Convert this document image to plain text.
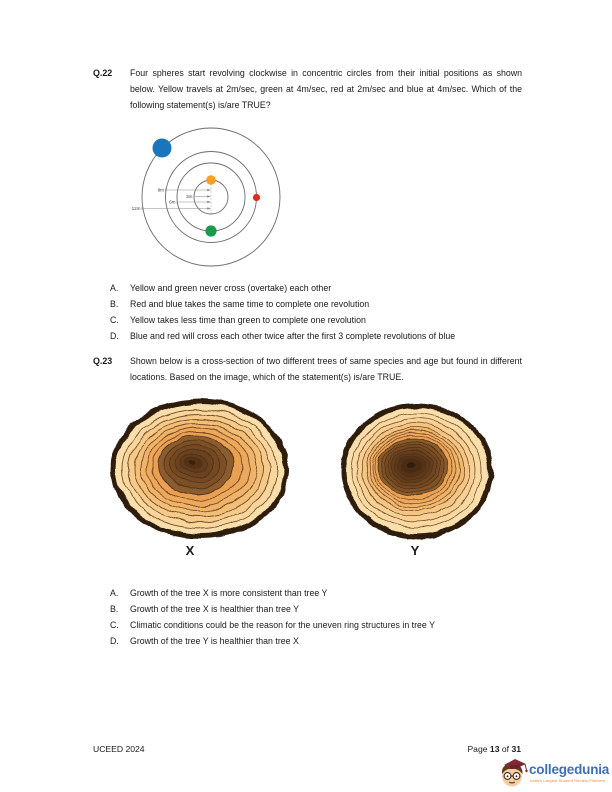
Q.22 Four spheres start revolving clockwise in concentric circles from their initial positions as shown below. Yellow travels at 2m/sec, green at 4m/sec, red at 2m/sec and blue at 4m/sec. Which of the following statement(s) is/are TRUE?
8m
3m
6m
12m
A. Yellow and green never cross (overtake) each other
B. Red and blue takes the same time to complete one revolution
C. Yellow takes less time than green to complete one revolution
D. Blue and red will cross each other twice after the first 3 complete revolutions of blue
Q.23 Shown below is a cross-section of two different trees of same species and age but found in different locations. Based on the image, which of the statement(s) is/are TRUE.
X	Y
A. Growth of the tree X is more consistent than tree Y
B. Growth of the tree X is healthier than tree Y
C. Climatic conditions could be the reason for the uneven ring structures in tree Y
D. Growth of the tree Y is healthier than tree X
UCEED 2024	Page 13 of 31
collegedunia
India's Largest Student Review Platform
